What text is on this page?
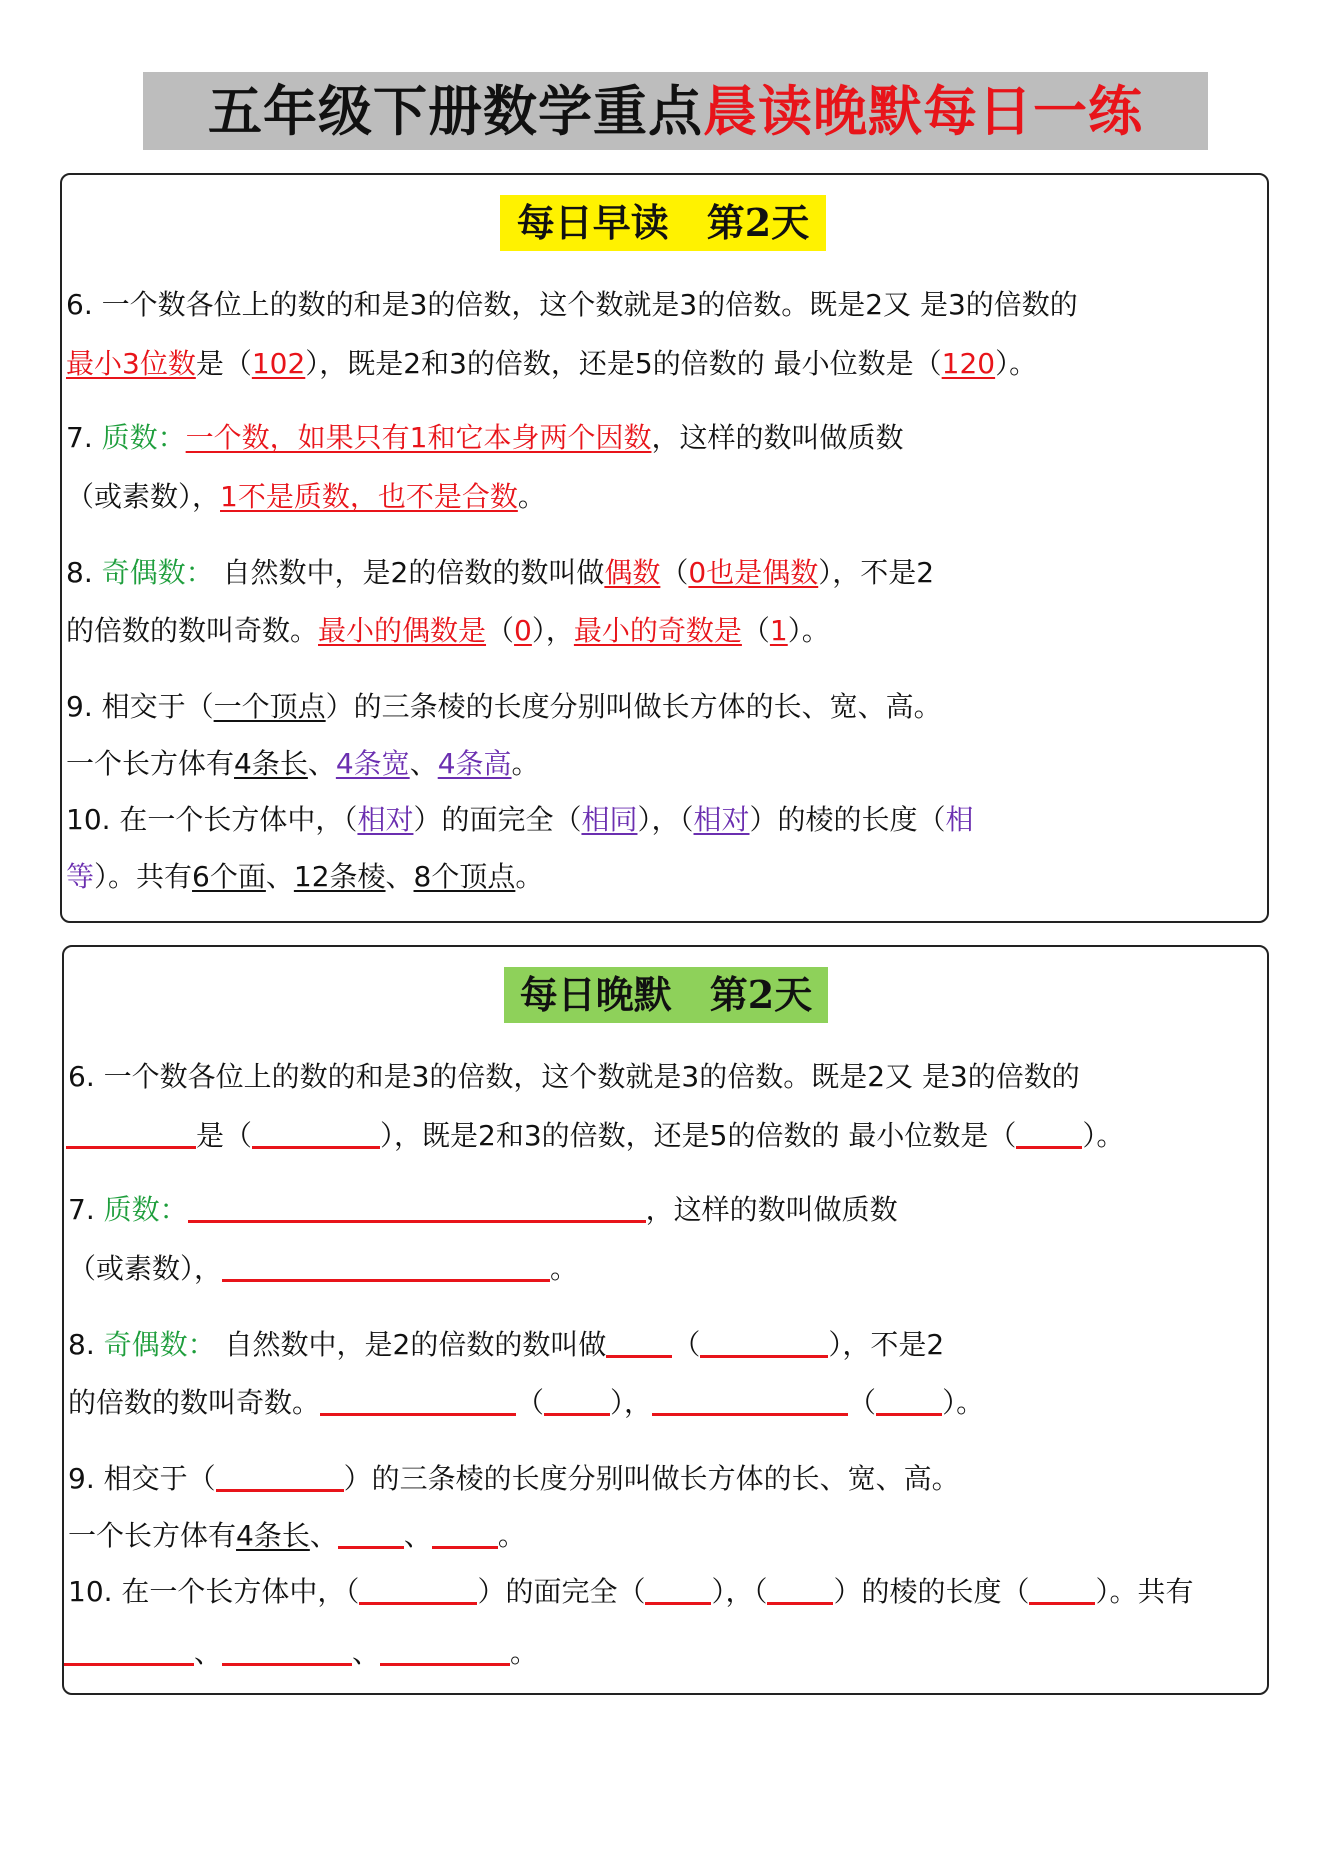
五年级下册数学重点晨读晚默每日一练
每日早读 第2天
6. 一个数各位上的数的和是3的倍数，这个数就是3的倍数。既是2又 是3的倍数的
最小3位数是（102），既是2和3的倍数，还是5的倍数的 最小位数是（120）。
7. 质数：一个数，如果只有1和它本身两个因数，这样的数叫做质数
（或素数），1不是质数，也不是合数。
8. 奇偶数： 自然数中，是2的倍数的数叫做偶数（0也是偶数），不是2
的倍数的数叫奇数。最小的偶数是（0），最小的奇数是（1）。
9. 相交于（一个顶点）的三条棱的长度分别叫做长方体的长、宽、高。
一个长方体有4条长、4条宽、4条高。
10. 在一个长方体中，（相对）的面完全（相同），（相对）的棱的长度（相
等）。共有6个面、12条棱、8个顶点。
每日晚默 第2天
6. 一个数各位上的数的和是3的倍数，这个数就是3的倍数。既是2又 是3的倍数的
是（	），既是2和3的倍数，还是5的倍数的 最小位数是（ ）。
7. 质数：	，这样的数叫做质数
（或素数），	。
8. 奇偶数： 自然数中，是2的倍数的数叫做 （	），不是2
的倍数的数叫奇数。	（ ），	（ ）。
9. 相交于（	）的三条棱的长度分别叫做长方体的长、宽、高。
一个长方体有4条长、 、 。
10. 在一个长方体中，（	）的面完全（ ），（ ）的棱的长度（ ）。共有
、	、	。
